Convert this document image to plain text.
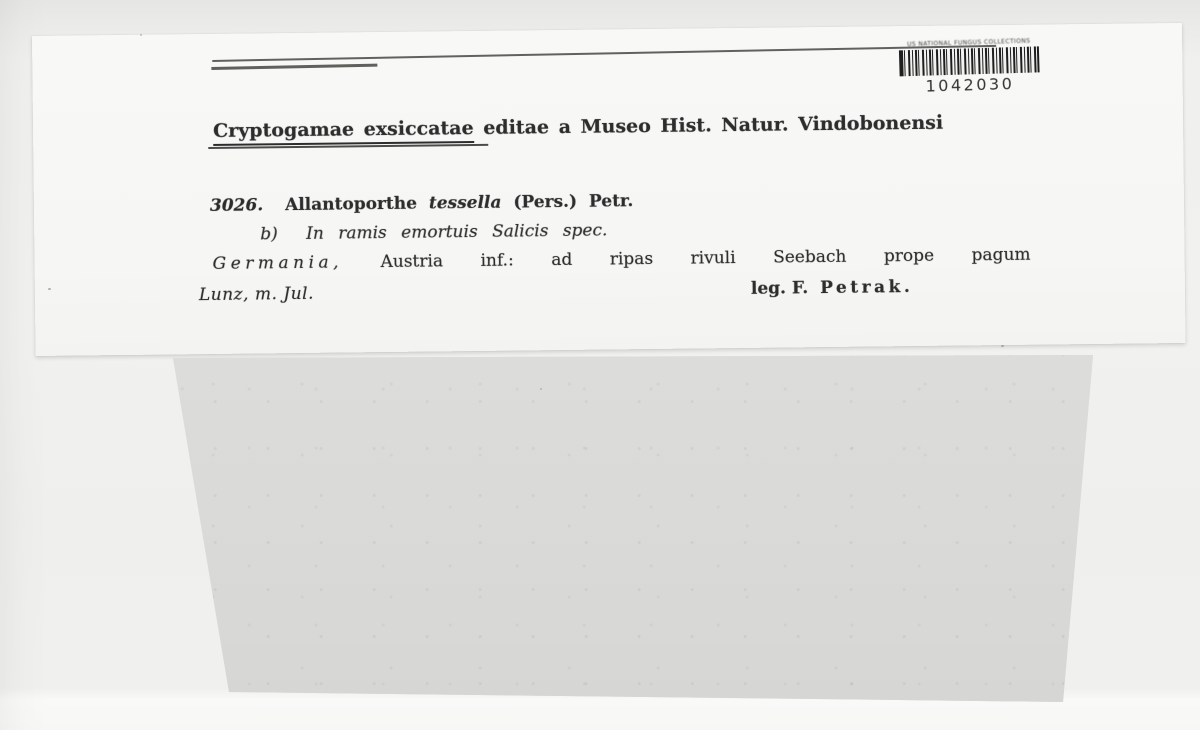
US NATIONAL FUNGUS COLLECTIONS
1042030
Cryptogamae exsiccatae editae a Museo Hist. Natur. Vindobonensi
3026. Allantoporthe tessella (Pers.) Petr.
b) In ramis emortuis Salicis spec.
Germania, Austria inf.: ad ripas rivuli Seebach prope pagum
Lunz, m. Jul.	leg. F. Petrak.
